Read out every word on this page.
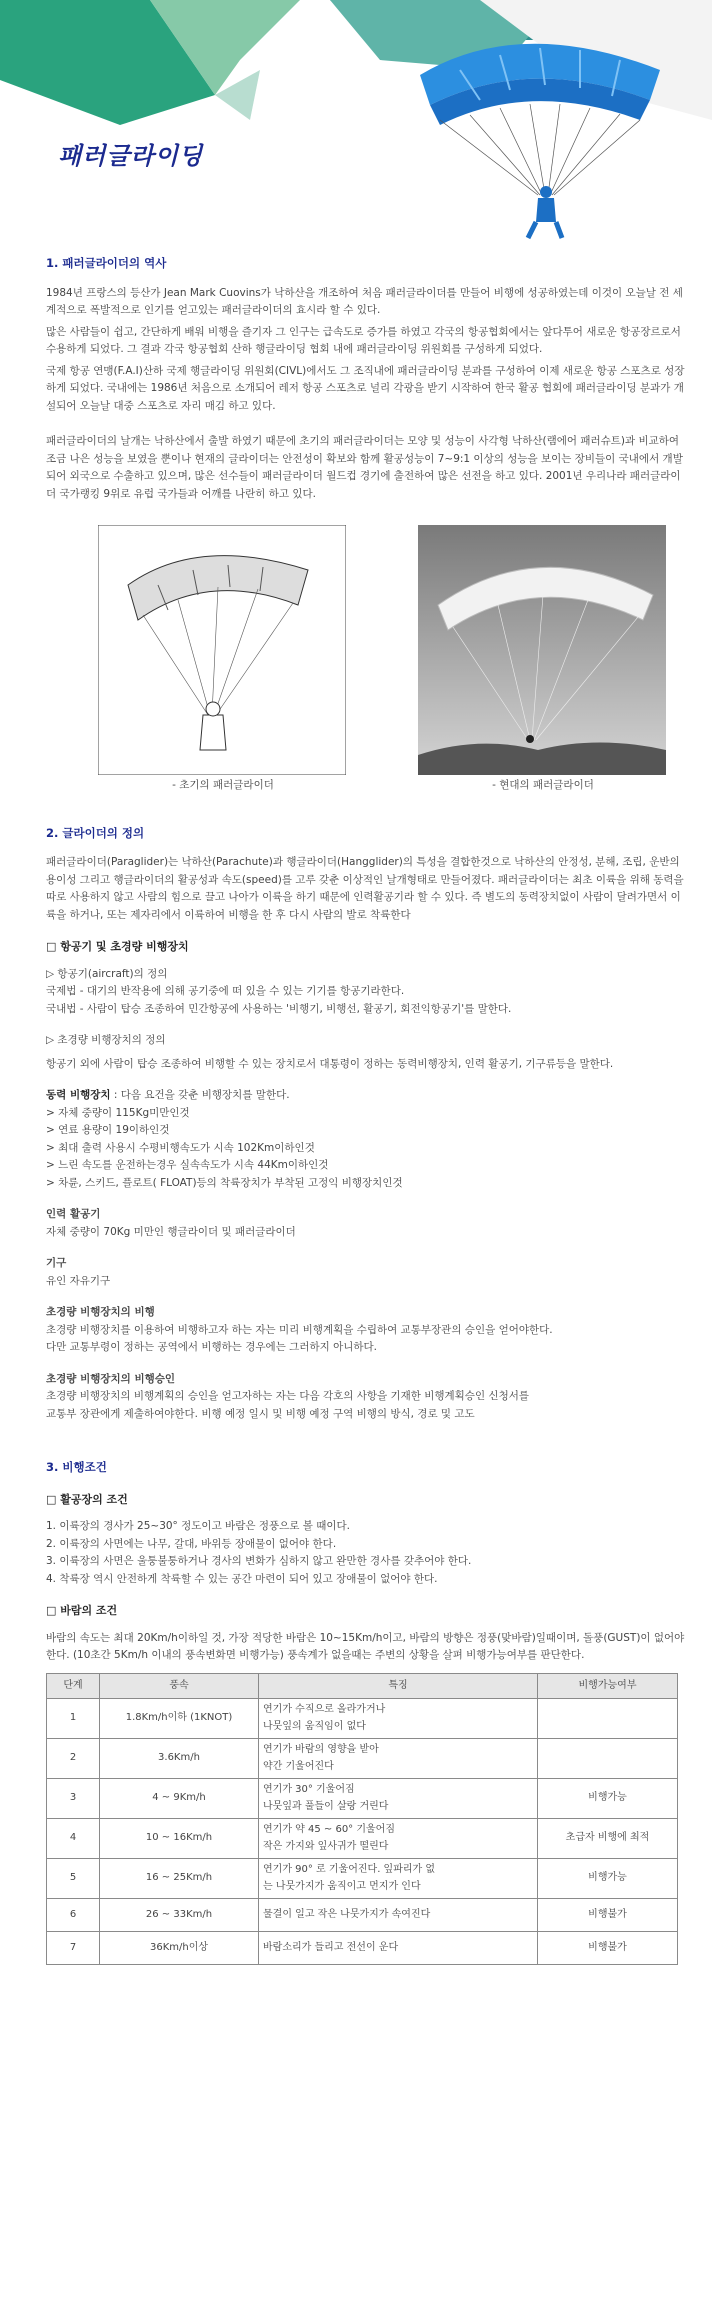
패러글라이딩
1. 패러글라이더의 역사
1984년 프랑스의 등산가 Jean Mark Cuovins가 낙하산을 개조하여 처음 패러글라이더를 만들어 비행에 성공하였는데 이것이 오늘날 전 세계적으로 폭발적으로 인기를 얻고있는 패러글라이더의 효시라 할 수 있다.
많은 사람들이 쉽고, 간단하게 배워 비행을 즐기자 그 인구는 급속도로 증가를 하였고 각국의 항공협회에서는 앞다투어 새로운 항공장르로서 수용하게 되었다. 그 결과 각국 항공협회 산하 행글라이딩 협회 내에 패러글라이딩 위원회를 구성하게 되었다.
국제 항공 연맹(F.A.I)산하 국제 행글라이딩 위원회(CIVL)에서도 그 조직내에 패러글라이딩 분과를 구성하여 이제 새로운 항공 스포츠로 성장하게 되었다. 국내에는 1986년 처음으로 소개되어 레저 항공 스포츠로 널리 각광을 받기 시작하여 한국 활공 협회에 패러글라이딩 분과가 개설되어 오늘날 대중 스포츠로 자리 매김 하고 있다.
패러글라이더의 날개는 낙하산에서 출발 하였기 때문에 초기의 패러글라이더는 모양 및 성능이 사각형 낙하산(램에어 패러슈트)과 비교하여 조금 나은 성능을 보였을 뿐이나 현재의 글라이더는 안전성이 확보와 함께 활공성능이 7~9:1 이상의 성능을 보이는 장비들이 국내에서 개발되어 외국으로 수출하고 있으며, 많은 선수들이 패러글라이더 월드컵 경기에 출전하여 많은 선전을 하고 있다. 2001년 우리나라 패러글라이더 국가랭킹 9위로 유럽 국가들과 어깨를 나란히 하고 있다.
- 초기의 패러글라이더	- 현대의 패러글라이더
2. 글라이더의 정의
패러글라이더(Paraglider)는 낙하산(Parachute)과 행글라이더(Hangglider)의 특성을 결합한것으로 낙하산의 안정성, 분해, 조립, 운반의 용이성 그리고 행글라이더의 활공성과 속도(speed)를 고루 갖춘 이상적인 날개형태로 만들어졌다. 패러글라이더는 최초 이륙을 위해 동력을 따로 사용하지 않고 사람의 힘으로 끌고 나아가 이륙을 하기 때문에 인력활공기라 할 수 있다. 즉 별도의 동력장치없이 사람이 달려가면서 이륙을 하거나, 또는 제자리에서 이륙하여 비행을 한 후 다시 사람의 발로 착륙한다
□ 항공기 및 초경량 비행장치
▷ 항공기(aircraft)의 정의
국제법 - 대기의 반작용에 의해 공기중에 떠 있을 수 있는 기기를 항공기라한다.
국내법 - 사람이 탑승 조종하여 민간항공에 사용하는 '비행기, 비행선, 활공기, 회전익항공기'를 말한다.
▷ 초경량 비행장치의 정의
항공기 외에 사람이 탑승 조종하여 비행할 수 있는 장치로서 대통령이 정하는 동력비행장치, 인력 활공기, 기구류등을 말한다.
동력 비행장치 : 다음 요건을 갖춘 비행장치를 말한다.
> 자체 중량이 115Kg미만인것
> 연료 용량이 19이하인것
> 최대 출력 사용시 수평비행속도가 시속 102Km이하인것
> 느린 속도를 운전하는경우 실속속도가 시속 44Km이하인것
> 차륜, 스키드, 플로트( FLOAT)등의 착륙장치가 부착된 고정익 비행장치인것
인력 활공기
자체 중량이 70Kg 미만인 행글라이더 및 패러글라이더
기구
유인 자유기구
초경량 비행장치의 비행
초경량 비행장치를 이용하여 비행하고자 하는 자는 미리 비행계획을 수립하여 교통부장관의 승인을 얻어야한다.
다만 교통부령이 정하는 공역에서 비행하는 경우에는 그러하지 아니하다.
초경량 비행장치의 비행승인
초경량 비행장치의 비행계획의 승인을 얻고자하는 자는 다음 각호의 사항을 기재한 비행계획승인 신청서를
교통부 장관에게 제출하여야한다. 비행 예정 일시 및 비행 예정 구역 비행의 방식, 경로 및 고도
3. 비행조건
□ 활공장의 조건
1. 이륙장의 경사가 25~30° 정도이고 바람은 정풍으로 볼 때이다.
2. 이륙장의 사면에는 나무, 갈대, 바위등 장애물이 없어야 한다.
3. 이륙장의 사면은 울퉁불퉁하거나 경사의 변화가 심하지 않고 완만한 경사를 갖추어야 한다.
4. 착륙장 역시 안전하게 착륙할 수 있는 공간 마련이 되어 있고 장애물이 없어야 한다.
□ 바람의 조건
바람의 속도는 최대 20Km/h이하일 것, 가장 적당한 바람은 10~15Km/h이고, 바람의 방향은 정풍(맞바람)일때이며, 돌풍(GUST)이 없어야 한다. (10초간 5Km/h 이내의 풍속변화면 비행가능) 풍속계가 없을때는 주변의 상황을 살펴 비행가능여부를 판단한다.
단계	풍속	특징	비행가능여부
1	1.8Km/h이하 (1KNOT)	연기가 수직으로 올라가거나
나뭇잎의 움직임이 없다	
2	3.6Km/h	연기가 바람의 영향을 받아
약간 기울어진다	
3	4 ~ 9Km/h	연기가 30° 기울어짐
나뭇잎과 풀들이 살랑 거린다	비행가능
4	10 ~ 16Km/h	연기가 약 45 ~ 60° 기울어짐
작은 가지와 잎사귀가 떨린다	초급자 비행에 최적
5	16 ~ 25Km/h	연기가 90° 로 기울어진다. 잎파리가 없
는 나뭇가지가 움직이고 먼지가 인다	비행가능
6	26 ~ 33Km/h	물결이 일고 작은 나뭇가지가 속여진다	비행불가
7	36Km/h이상	바람소리가 들리고 전선이 운다	비행불가
